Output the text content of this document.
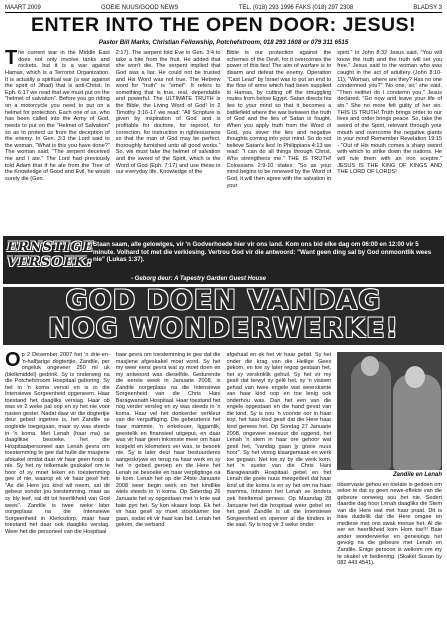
MAART 2009	GOEIE NUUS/GOOD NEWS	TEL. (018) 293 1996 FAKS (018) 297 2308	BLADSY 3
ENTER INTO THE OPEN DOOR: JESUS!
Pastor Bill Marks, Christian Fellowship, Potchefstroom, 018 293 1608 or 079 311 6515
T he current war in the Middle East does not only involve tanks and rockets, but it is a war against Hamas, which is a Terrorist Organization. It is actually a spiritual war (a war against the spirit of Jihad) that is anti-Christ. In Eph. 6:17 we read that we must put on the "helmet of salvation". Before you go riding on a motorcycle you need to put on a helmet for protection. Each one of us, who has been called into the Army of God, needs to put on the "Helmet of Salvation" so as to protect us from the deception of the enemy. In Gen. 3:3 the Lord said to the woman, "What is this you have done?" The woman said, "The serpent deceived me and I ate." The Lord had previously told Adam that if he ate from the Tree of the Knowledge of Good and Evil, he would surely die (Gen.
2:17). The serpent told Eve in Gen. 3:4 to take a bite from the fruit. He added that she won't die. The serpent implied that God was a liar. He could not be trusted and His Word was not true. The Hebrew word for "truth" is "emet". It refers to something that is true, real, dependable and powerful. The ULTIMATE TRUTH is the Bible, the Living Word of God! In 2 Timothy 3:16-17 we read: "All Scripture is given by inspiration of God and is profitable for doctrine, for reproof, for correction, for instruction in righteousness so that the man of God may be perfect, thoroughly furnished unto all good works." So, we must take the helmet of salvation and the sword of the Spirit, which is the Word of God (Eph. 7:17) and use these in our everyday life. Knowledge of the
Bible is our protection against the schemes of the Devil, for it overcomes the power of this lies! The aim of warfare is to disarm and defeat the enemy. Operation "Cast Lead" by Israel was to put an end to the flow of arms which had been supplied to Hamas, by cutting off the smuggling routes from below Egypt. Satan directs his lies to your mind so that it becomes a battlefield where the war between the truth of God and the lies of Satan is fought. When you apply truth from the Word of God, you sever the lies and negative thoughts coming into your mind. So do not believe Satan's lies! In Philippians 4:13 we read: "I can do all things through Christ, Who strengthens me." THE IS TRUTH! Colossians 2:9-10 states: "So as your mind begins to be renewed by the Word of God, it will then agree with the salvation in your
spirit." In John 8:32 Jesus said, "You will know the truth and the truth will set you free." Jesus said to the woman who was caught in the act of adultery (John 8:10-11), "Woman, where are they? Has no one condemned you?" 'No one, sir,' she said. "Then neither do I condemn you," Jesus declared. "Go now and leave your life of sin." She no more felt guilty of her sin. THIS IS TRUTH! Truth brings order to our lives and order brings peace. So, take the sword of the Spirit, relevant through your mouth and overcome the negative giants in your mind! Remember Revelation 19:15 - "Out of His mouth comes a sharp sword with which to strike down the nations. He will rule them with an iron sceptre." JESUS IS THE KING OF KINGS AND THE LORD OF LORDS!
ERNSTIGE
VERSOEK:
Staan saam, alle gelowiges, vir 'n Godverhoede hier vir ons land. Kom ons bid elke dag om 06:00 en 12:00 vir 5 minute. Volhard tot met die verkiesing. Vertrou God vir die antwoord: "Want geen ding sal by God onmoontlik wees nie" (Lukas 1:37).
- Geborg deur: A Tapestry Garden Guest House
GOD DOEN VANDAG
NOG WONDERWERKE!
O p 2 Desember 2007 het 'n drie-en-'n-halfjarige dogtertjie, Zandile, per ongeluk ongeveer 250 ml uk (bleikmiddel) gedrink. Sy is onderweg na die Potchefstroom Hospitaal geboring. Sy het in 'n koma verval en is in die Intensiewe Sorgeenheid opgeneem. Haar toestand het daagliks verslag. Haar ob was vir 2 weke pal oop en sy het nie voor nasien gester. Nadat daar vir die dogtertjie deur gebed ingetree is, het Zandile se oogleide toegegaan, maar sy was steeds in 'n koma. Met Lenah (haar ma) se daaglikse besoeke, het die Hospitaalpersoneel aan Lenah gevra om toestemming te gee dat hulle die masjiene afskakel omdat daar vir haar geen hoop is nie. Sy het ny telkemale geskakel om te hoor of sy moet teken en toestemming gee of nie, waarop ek vir haar gesê het: "As die Here jou kind wil neem, sal dit gebeur sonder jou toestemming, maar as sy bly leef, sal dit tot heerlikheid van God wees". Zandile is twee weke later oorgeplaas na die Intensiewe Sorgeenheid in Klerksdorp, maar haar toestand het daar ook daagliks verslag. Weer het die personeel van die Hospitaal
haar gevra om toestemming te gee dat die masjiene afgeskakel moet word. Sy het my weer eens gevra wat sy moet doen en my antwoord was dieselfde. Gedurende die eerste week in Januarie 2008, is Zandile oorgeplaas na die Intensiewe Sorgeenheid van die Chris Hani Baragwanath Hospitaal. Haar toestand het nog verder versleg en sy was steeds in 'n koma. Haar vel het donkerder verkleur van die verguiftiging. Die gebeurtenis het haar mammie, 'n enkelouer, liggamlik, geestelik en finansieel uitgeput, en daar was vir haar geen inkomste meer om haar kosgeld en kilometers ver was, te besoek nie. Sy is later deur haar bestuurderes aangeskrywe en terug na haar werk en sy het 'n gebed geroep en die Here het Lenah se besoeke en haar verpligtinge na te kom. Lenah het op die 24ste Januarie 2008 weer begin werk en het kindlike wiels steeds in 'n koma. Op Saterdag 26 Januarie het sy opgestaan met 'n knie wat baie pyn het. Sy kon skaars loop. Ek het vir haar gesê sy moet stoorkamer toe gaan, sodat ek vir haar kan bid. Lenah het gekom, die verband
afgehaal en ek het vir haar gebid. Sy het onder die krag van die Heilige Gees gekom, en toe sy later regop gestaan het, het sy verskriklik gehuil. Sy het vir my gesê dat terwyl sy gelê het, sy 'n visioen gehad van twee engele wat weerskante van haar kind oop en toe lenig ook onderhou was. Dan het een van die engele opgestaan en die hand gevat van die kind. Sy is nou 'n voorste oor in haar kop, het haar kind gesê dat die Here haar kind genees het. Op Sondag 27 Januarie 2008, ongeveer seesuur die oggend, het Lenah 'n stem in haar ore gehoor wat gesê het, "vandag gaan jy goeie nuus hoor". Sy het vinnig klaargemaak en werk toe gegaan. Net toe sy by die werk kom, het 'n suster van die Chris Hani Baragwanath Hospitaal gebel en het Lenah die goeie nuus meegedeel dat haar kind uit die koma is en sy het om na haar mamma, Inhuisen het Lenah se kinders oek heeltemal genees. Op Maandag 28 Januarie het die hospitaal weer gebel en het gesê Zandile is uit die Intensiewe Sorgeenheid en opereer al die kinders in die saal. Sy is nog vir 3 weke onder
Zandile en Lenah
observasie gehou en toelate is gedoen om seker te dat sy geen newe-effekte van die gebeure oorweeg sou het nie. Sedert daardie dag hoor Lenah daagliks die Stem van die Here wat met haar praat. Dit is baie duidelik dat die Here omgee en mediese met ons swak mense het. Al die eer en heerlikheid kom Hom toe!!! Baie ander wonderwerke en genesings het gevolg na die gebeure met Lenah en Zandile. Enige persoon is welkom om my te skakel vir bediening. (Skakel Susan by 082 443 4541).
